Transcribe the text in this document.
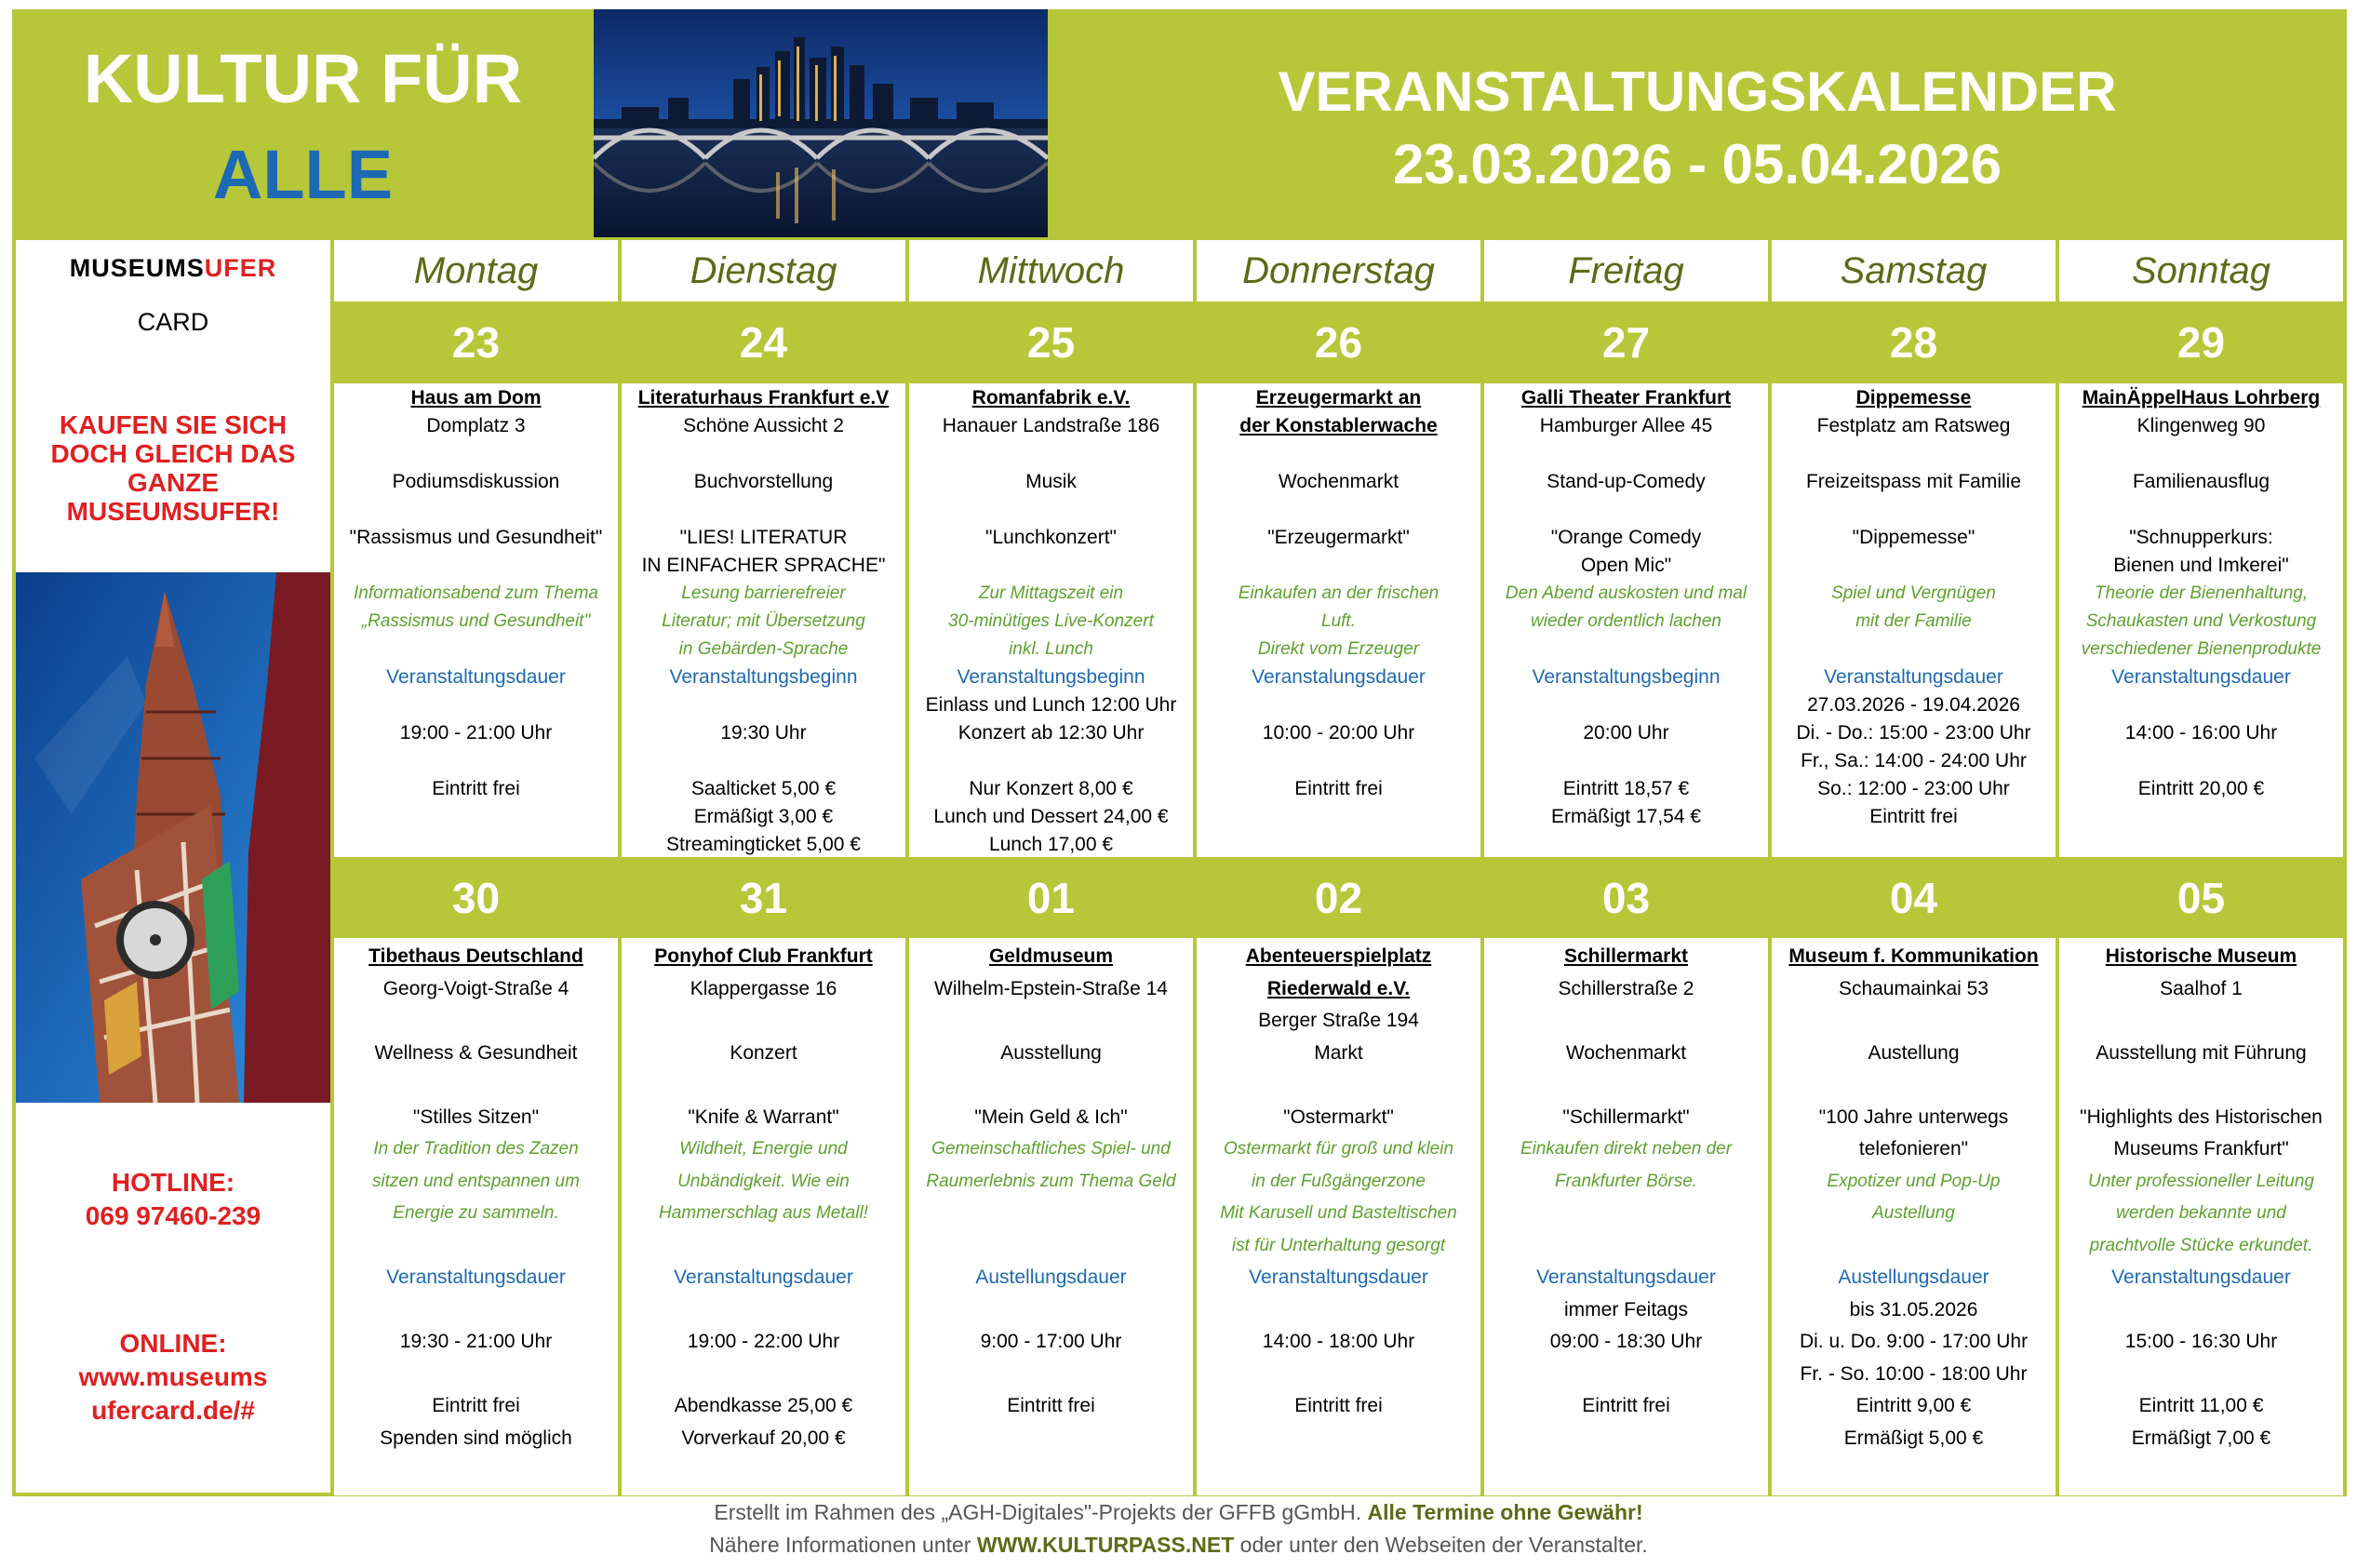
KULTUR FÜR
ALLE
VERANSTALTUNGSKALENDER
23.03.2026 - 05.04.2026
MUSEUMSUFER
CARD
KAUFEN SIE SICH
DOCH GLEICH DAS
GANZE
MUSEUMSUFER!
HOTLINE:
069 97460-239
ONLINE:
www.museums
ufercard.de/#
Montag	Dienstag	Mittwoch	Donnerstag	Freitag	Samstag	Sonntag
23	24	25	26	27	28	29
Haus am Dom
Domplatz 3
Podiumsdiskussion
"Rassismus und Gesundheit"
Informationsabend zum Thema
„Rassismus und Gesundheit"
Veranstaltungsdauer
19:00 - 21:00 Uhr
Eintritt frei
Literaturhaus Frankfurt e.V
Schöne Aussicht 2
Buchvorstellung
"LIES! LITERATUR
IN EINFACHER SPRACHE"
Lesung barrierefreier
Literatur; mit Übersetzung
in Gebärden-Sprache
Veranstaltungsbeginn
19:30 Uhr
Saalticket 5,00 €
Ermäßigt 3,00 €
Streamingticket 5,00 €
Romanfabrik e.V.
Hanauer Landstraße 186
Musik
"Lunchkonzert"
Zur Mittagszeit ein
30-minütiges Live-Konzert
inkl. Lunch
Veranstaltungsbeginn
Einlass und Lunch 12:00 Uhr
Konzert ab 12:30 Uhr
Nur Konzert 8,00 €
Lunch und Dessert 24,00 €
Lunch 17,00 €
Erzeugermarkt an
der Konstablerwache
Wochenmarkt
"Erzeugermarkt"
Einkaufen an der frischen
Luft.
Direkt vom Erzeuger
Veranstalungsdauer
10:00 - 20:00 Uhr
Eintritt frei
Galli Theater Frankfurt
Hamburger Allee 45
Stand-up-Comedy
"Orange Comedy
Open Mic"
Den Abend auskosten und mal
wieder ordentlich lachen
Veranstaltungsbeginn
20:00 Uhr
Eintritt 18,57 €
Ermäßigt 17,54 €
Dippemesse
Festplatz am Ratsweg
Freizeitspass mit Familie
"Dippemesse"
Spiel und Vergnügen
mit der Familie
Veranstaltungsdauer
27.03.2026 - 19.04.2026
Di. - Do.: 15:00 - 23:00 Uhr
Fr., Sa.: 14:00 - 24:00 Uhr
So.: 12:00 - 23:00 Uhr
Eintritt frei
MainÄppelHaus Lohrberg
Klingenweg 90
Familienausflug
"Schnupperkurs:
Bienen und Imkerei"
Theorie der Bienenhaltung,
Schaukasten und Verkostung
verschiedener Bienenprodukte
Veranstaltungsdauer
14:00 - 16:00 Uhr
Eintritt 20,00 €
30	31	01	02	03	04	05
Tibethaus Deutschland
Georg-Voigt-Straße 4
Wellness & Gesundheit
"Stilles Sitzen"
In der Tradition des Zazen
sitzen und entspannen um
Energie zu sammeln.
Veranstaltungsdauer
19:30 - 21:00 Uhr
Eintritt frei
Spenden sind möglich
Ponyhof Club Frankfurt
Klappergasse 16
Konzert
"Knife & Warrant"
Wildheit, Energie und
Unbändigkeit. Wie ein
Hammerschlag aus Metall!
Veranstaltungsdauer
19:00 - 22:00 Uhr
Abendkasse 25,00 €
Vorverkauf 20,00 €
Geldmuseum
Wilhelm-Epstein-Straße 14
Ausstellung
"Mein Geld & Ich"
Gemeinschaftliches Spiel- und
Raumerlebnis zum Thema Geld
Austellungsdauer
9:00 - 17:00 Uhr
Eintritt frei
Abenteuerspielplatz
Riederwald e.V.
Berger Straße 194
Markt
"Ostermarkt"
Ostermarkt für groß und klein
in der Fußgängerzone
Mit Karusell und Basteltischen
ist für Unterhaltung gesorgt
Veranstaltungsdauer
14:00 - 18:00 Uhr
Eintritt frei
Schillermarkt
Schillerstraße 2
Wochenmarkt
"Schillermarkt"
Einkaufen direkt neben der
Frankfurter Börse.
Veranstaltungsdauer
immer Feitags
09:00 - 18:30 Uhr
Eintritt frei
Museum f. Kommunikation
Schaumainkai 53
Austellung
"100 Jahre unterwegs
telefonieren"
Expotizer und Pop-Up
Austellung
Austellungsdauer
bis 31.05.2026
Di. u. Do. 9:00 - 17:00 Uhr
Fr. - So. 10:00 - 18:00 Uhr
Eintritt 9,00 €
Ermäßigt 5,00 €
Historische Museum
Saalhof 1
Ausstellung mit Führung
"Highlights des Historischen
Museums Frankfurt"
Unter professioneller Leitung
werden bekannte und
prachtvolle Stücke erkundet.
Veranstaltungsdauer
15:00 - 16:30 Uhr
Eintritt 11,00 €
Ermäßigt 7,00 €
Erstellt im Rahmen des „AGH-Digitales"-Projekts der GFFB gGmbH. Alle Termine ohne Gewähr!
Nähere Informationen unter WWW.KULTURPASS.NET oder unter den Webseiten der Veranstalter.
